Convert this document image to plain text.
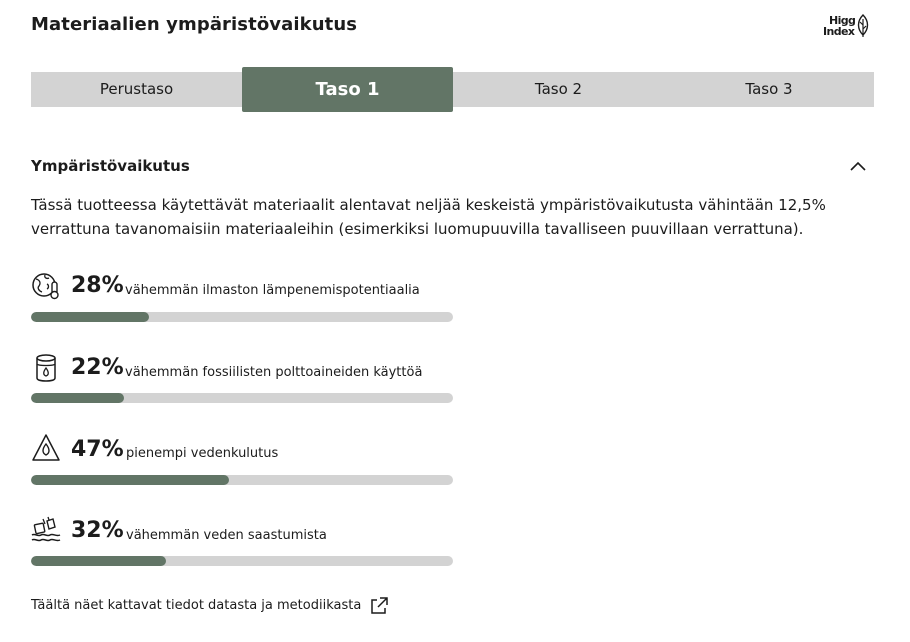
Materiaalien ympäristövaikutus	Higg
Index
Perustaso	Taso 1	Taso 2	Taso 3
Ympäristövaikutus
Tässä tuotteessa käytettävät materiaalit alentavat neljää keskeistä ympäristövaikutusta vähintään 12,5% verrattuna tavanomaisiin materiaaleihin (esimerkiksi luomupuuvilla tavalliseen puuvillaan verrattuna).
28% vähemmän ilmaston lämpenemispotentiaalia
22% vähemmän fossiilisten polttoaineiden käyttöä
47% pienempi vedenkulutus
32% vähemmän veden saastumista
Täältä näet kattavat tiedot datasta ja metodiikasta
